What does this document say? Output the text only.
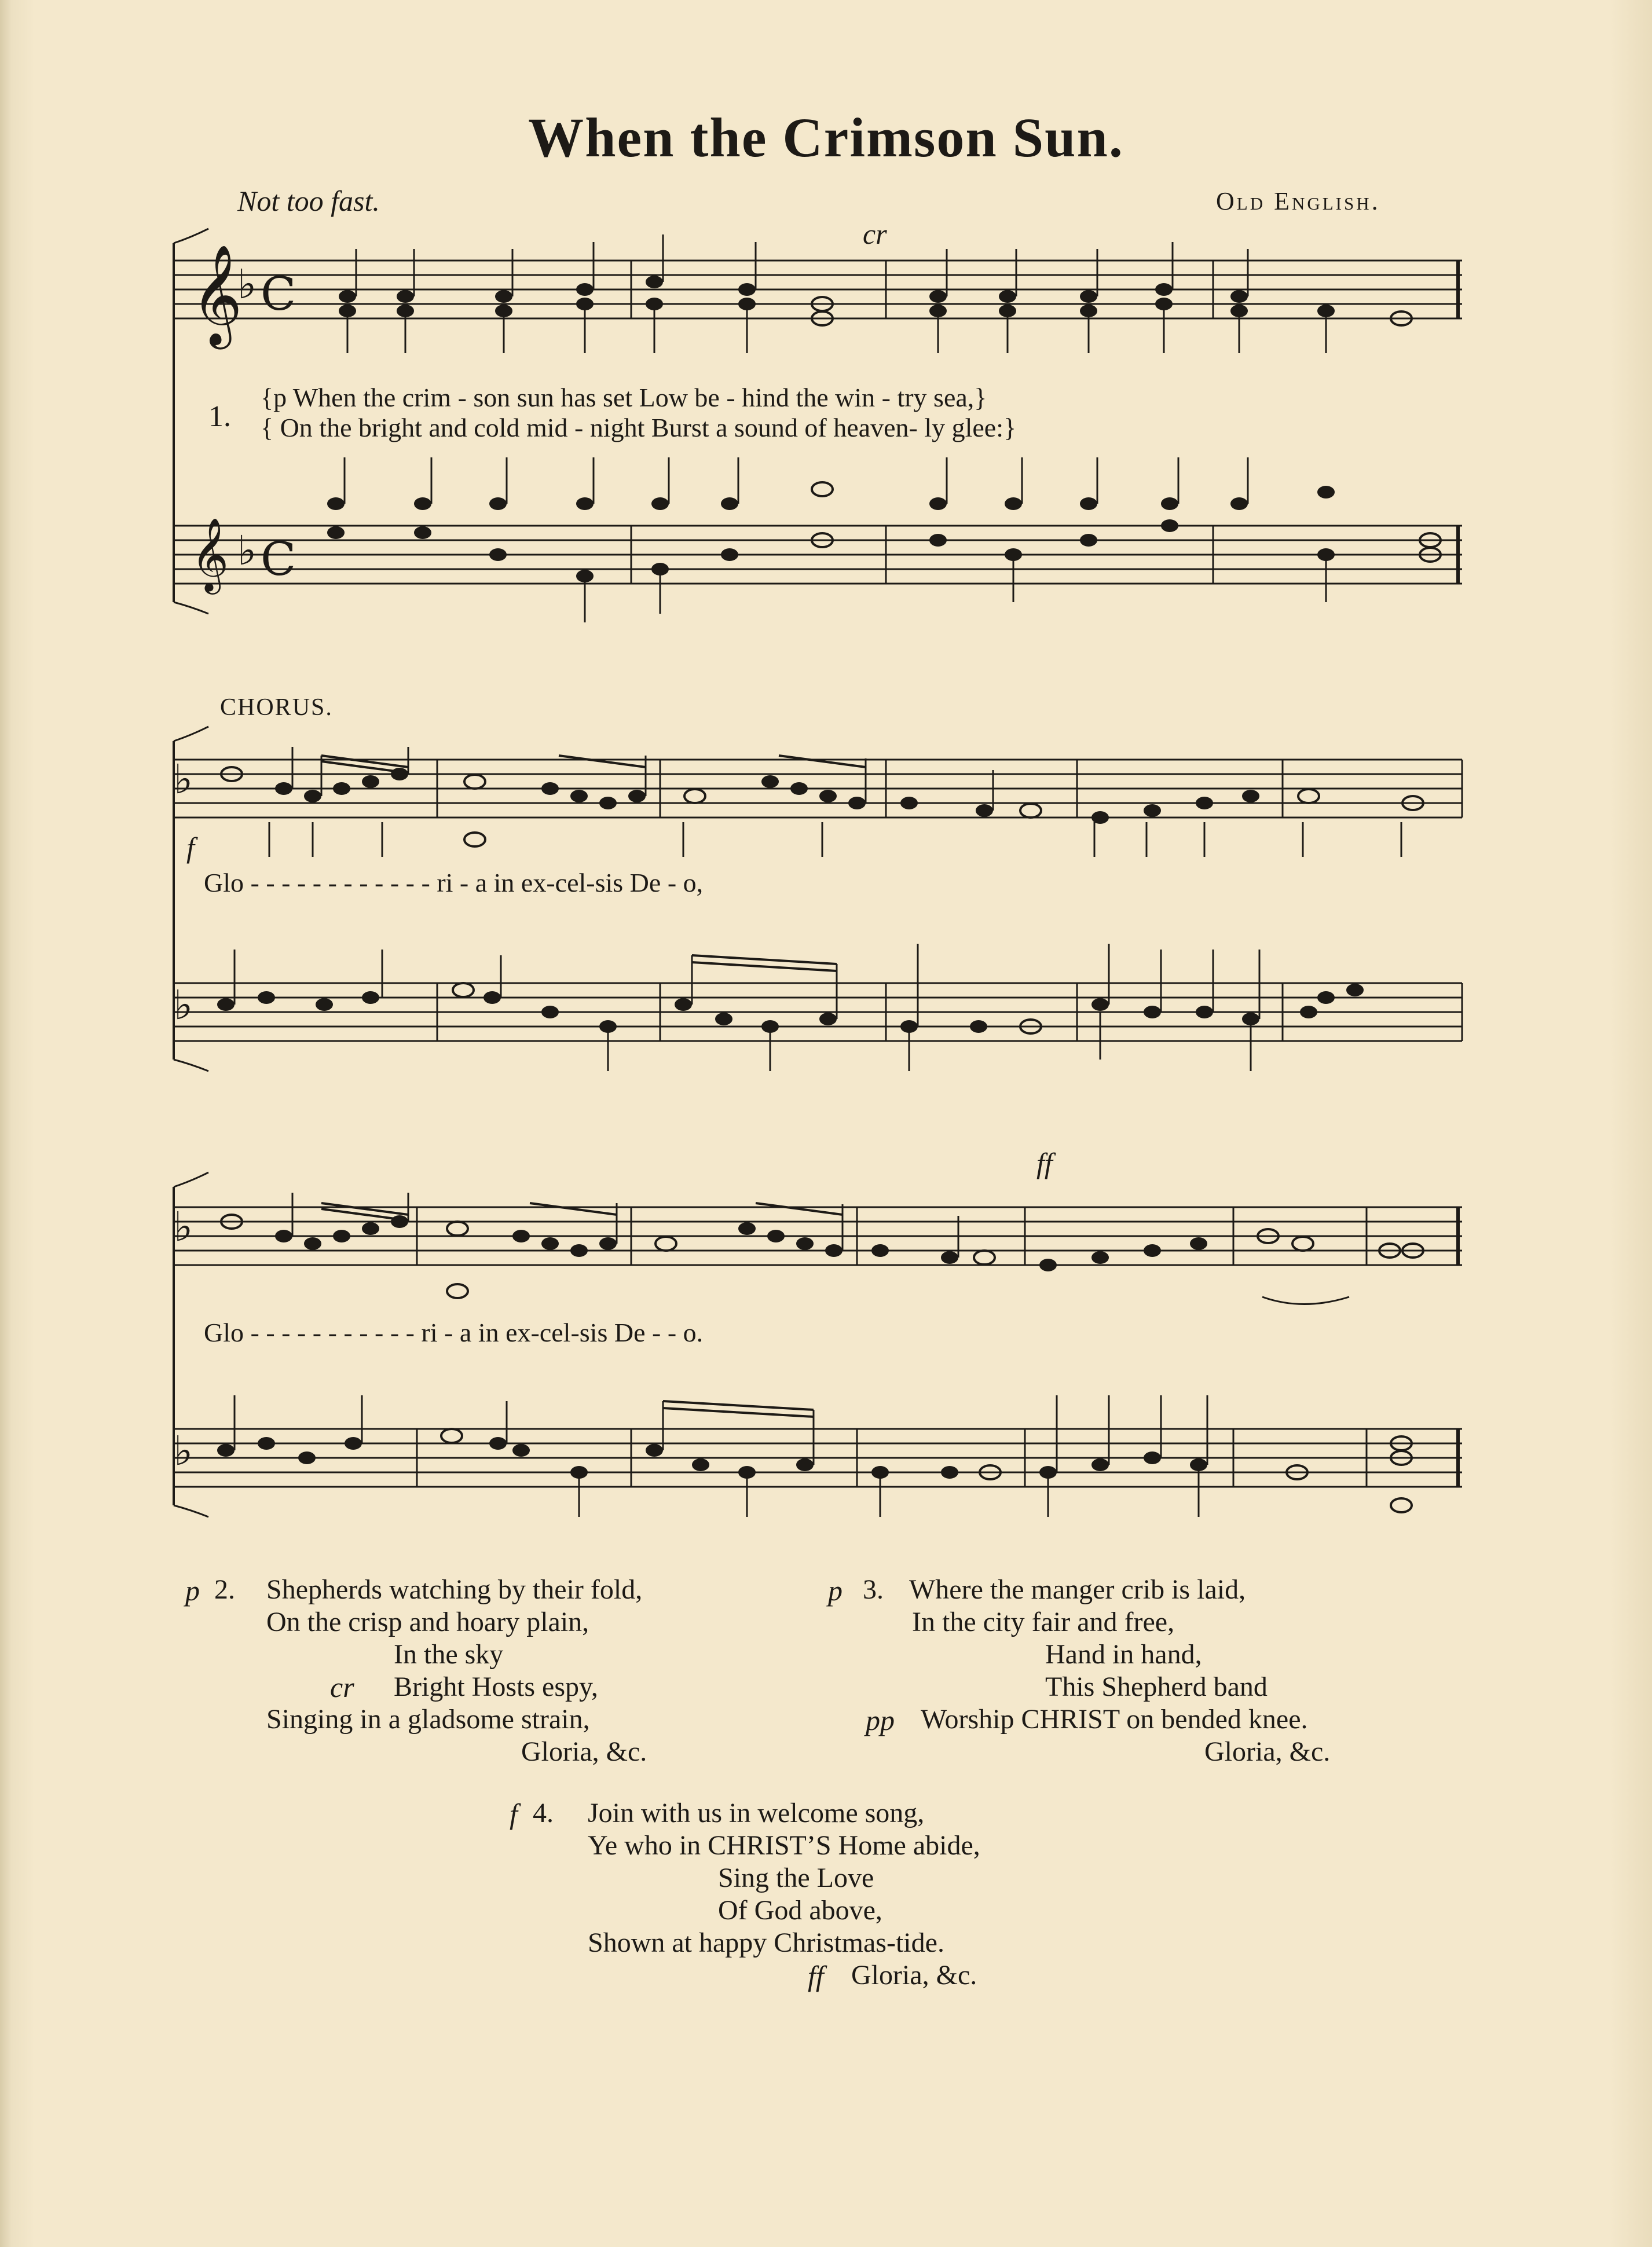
When the Crimson Sun.
Not too fast.	Old English.
𝄞
𝄞
♭
♭
C
C
♭
♭
♭
♭
cr
1.
{p When the crim - son sun has set Low be - hind the win - try sea,}
{ On the bright and cold mid - night Burst a sound of heaven- ly glee:}
CHORUS.
f
Glo - - - - - - - - - - - - ri - a in ex-cel-sis De - o,
ff
Glo - - - - - - - - - - - ri - a in ex-cel-sis De - - o.
p 2. Shepherds watching by their fold,
On the crisp and hoary plain,
In the sky
cr Bright Hosts espy,
Singing in a gladsome strain,
Gloria, &c.
p 3. Where the manger crib is laid,
In the city fair and free,
Hand in hand,
This Shepherd band
pp Worship CHRIST on bended knee.
Gloria, &c.
f 4. Join with us in welcome song,
Ye who in CHRIST’S Home abide,
Sing the Love
Of God above,
Shown at happy Christmas-tide.
ff Gloria, &c.
